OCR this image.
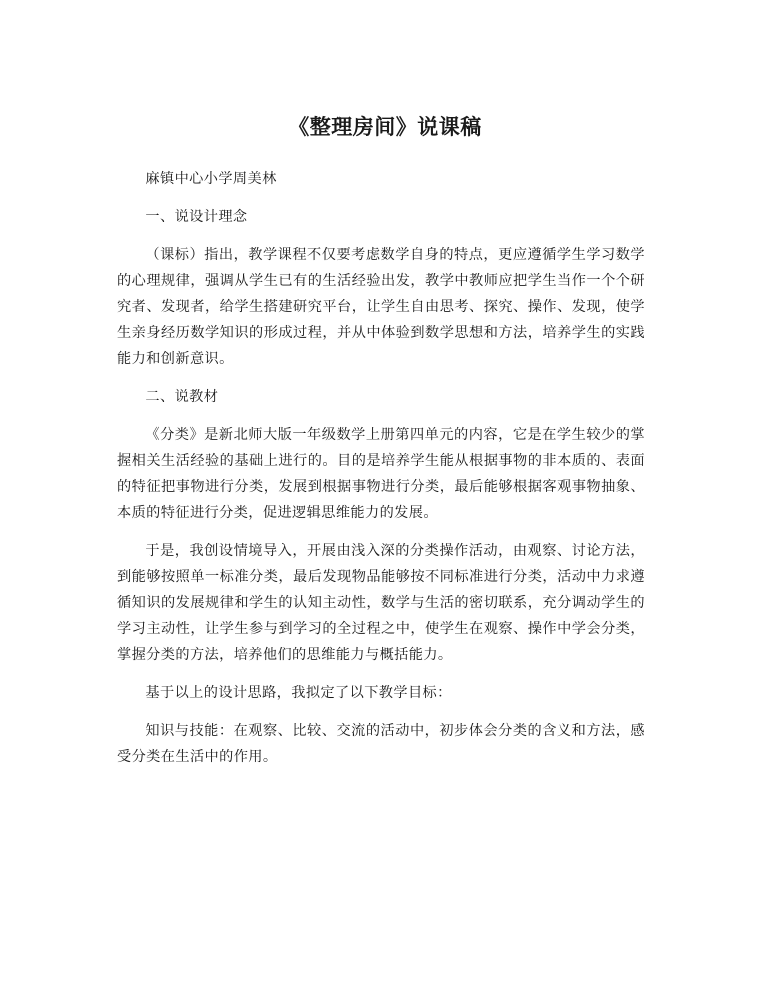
《整理房间》说课稿

麻镇中心小学周美林

一、说设计理念

（课标）指出，教学课程不仅要考虑数学自身的特点，更应遵循学生学习数学的心理规律，强调从学生已有的生活经验出发，教学中教师应把学生当作一个个研究者、发现者，给学生搭建研究平台，让学生自由思考、探究、操作、发现，使学生亲身经历数学知识的形成过程，并从中体验到数学思想和方法，培养学生的实践能力和创新意识。

二、说教材

《分类》是新北师大版一年级数学上册第四单元的内容，它是在学生较少的掌握相关生活经验的基础上进行的。目的是培养学生能从根据事物的非本质的、表面的特征把事物进行分类，发展到根据事物进行分类，最后能够根据客观事物抽象、本质的特征进行分类，促进逻辑思维能力的发展。

于是，我创设情境导入，开展由浅入深的分类操作活动，由观察、讨论方法，到能够按照单一标准分类，最后发现物品能够按不同标准进行分类，活动中力求遵循知识的发展规律和学生的认知主动性，数学与生活的密切联系，充分调动学生的学习主动性，让学生参与到学习的全过程之中，使学生在观察、操作中学会分类，掌握分类的方法，培养他们的思维能力与概括能力。

基于以上的设计思路，我拟定了以下教学目标：

知识与技能：在观察、比较、交流的活动中，初步体会分类的含义和方法，感受分类在生活中的作用。
